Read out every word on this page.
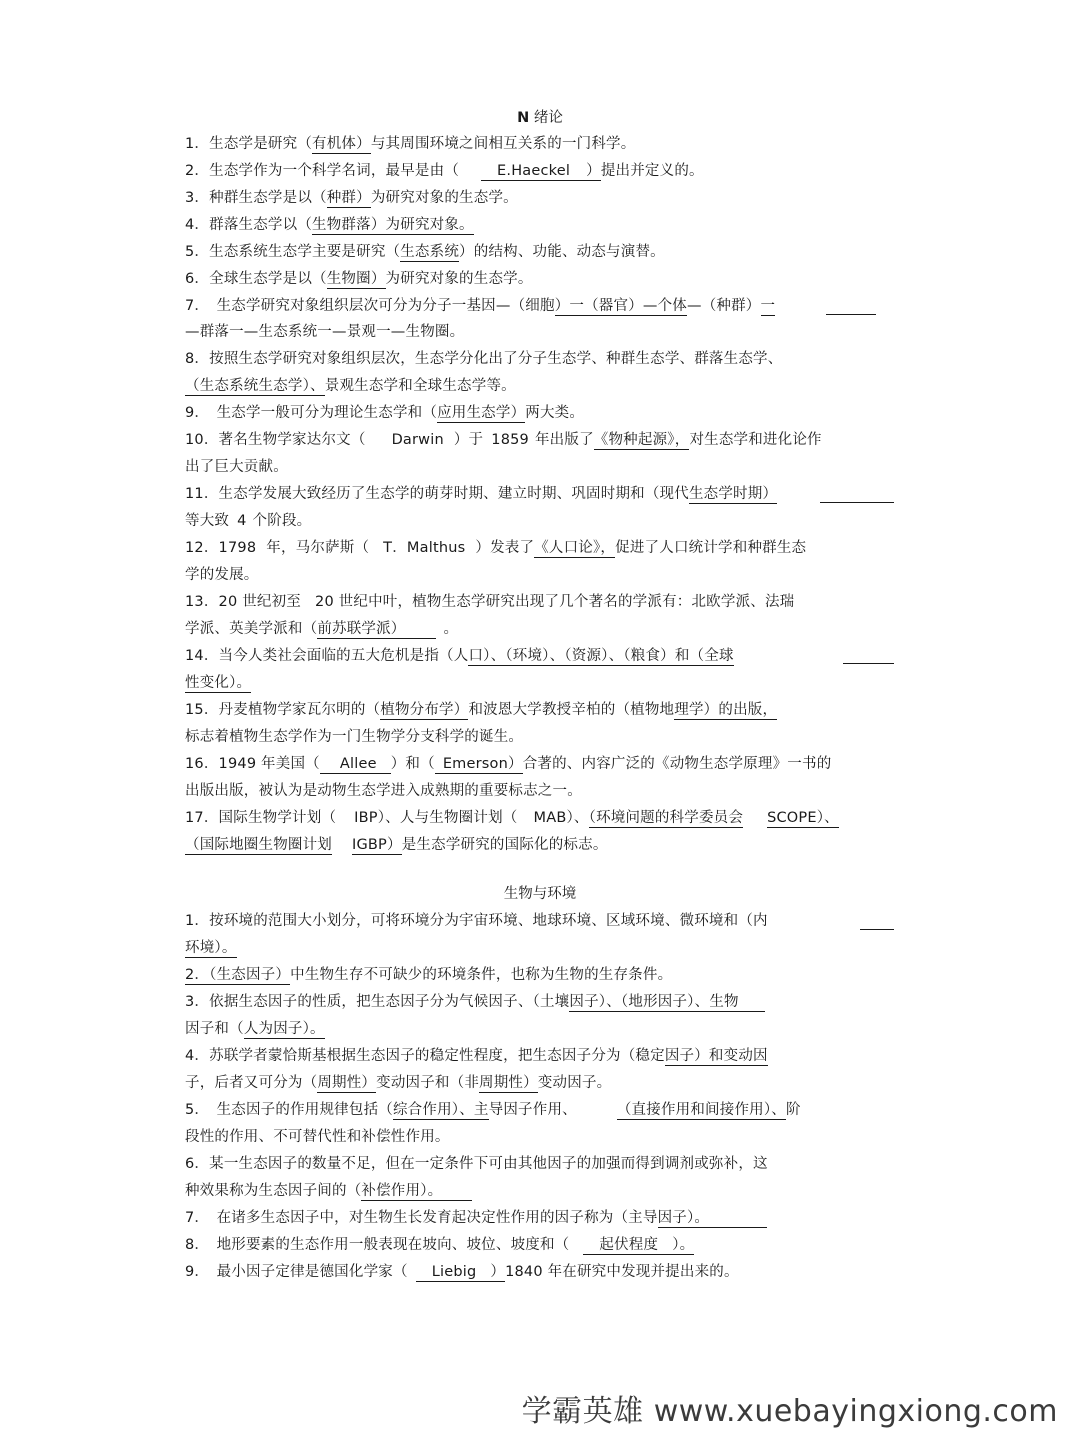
N 绪论
1．生态学是研究（有机体）与其周围环境之间相互关系的一门科学。
2．生态学作为一个科学名词，最早是由（	E.Haeckel ）提出并定义的。
3．种群生态学是以（种群）为研究对象的生态学。
4．群落生态学以（生物群落）为研究对象。
5．生态系统生态学主要是研究（生态系统）的结构、功能、动态与演替。
6．全球生态学是以（生物圈）为研究对象的生态学。
7．　生态学研究对象组织层次可分为分子一基因—（细胞）一（器官）—个体—（种群）一
—群落一—生态系统一—景观一—生物圈。
8．按照生态学研究对象组织层次，生态学分化出了分子生态学、种群生态学、群落生态学、
（生态系统生态学）、景观生态学和全球生态学等。
9．　生态学一般可分为理论生态学和（应用生态学）两大类。
10．著名生物学家达尔文（ Darwin ）于 1859 年出版了《物种起源》，对生态学和进化论作
出了巨大贡献。
11．生态学发展大致经历了生态学的萌芽时期、建立时期、巩固时期和（现代生态学时期）
等大致 4 个阶段。
12．1798 年，马尔萨斯（ T．Malthus ）发表了《人口论》，促进了人口统计学和种群生态
学的发展。
13．20 世纪初至 20 世纪中叶，植物生态学研究出现了几个著名的学派有：北欧学派、法瑞
学派、英美学派和（前苏联学派）	。
14．当今人类社会面临的五大危机是指（人口）、（环境）、（资源）、（粮食）和（全球
性变化）。
15．丹麦植物学家瓦尔明的（植物分布学）和波恩大学教授辛柏的（植物地理学）的出版，
标志着植物生态学作为一门生物学分支科学的诞生。
16．1949 年美国（ Allee ）和（ Emerson）合著的、内容广泛的《动物生态学原理》一书的
出版出版，被认为是动物生态学进入成熟期的重要标志之一。
17．国际生物学计划（ IBP）、人与生物圈计划（ MAB）、（环境问题的科学委员会 SCOPE）、
（国际地圈生物圈计划 IGBP）是生态学研究的国际化的标志。
生物与环境
1．按环境的范围大小划分，可将环境分为宇宙环境、地球环境、区域环境、微环境和（内
环境）。
2．（生态因子）中生物生存不可缺少的环境条件，也称为生物的生存条件。
3．依据生态因子的性质，把生态因子分为气候因子、（土壤因子）、（地形因子）、生物
因子和（人为因子）。
4．苏联学者蒙恰斯基根据生态因子的稳定性程度，把生态因子分为（稳定因子）和变动因
子，后者又可分为（周期性）变动因子和（非周期性）变动因子。
5．　生态因子的作用规律包括（综合作用）、主导因子作用、	（直接作用和间接作用）、阶
段性的作用、不可替代性和补偿性作用。
6．某一生态因子的数量不足，但在一定条件下可由其他因子的加强而得到调剂或弥补，这
种效果称为生态因子间的（补偿作用）。
7．　在诸多生态因子中，对生物生长发育起决定性作用的因子称为（主导因子）。
8．　地形要素的生态作用一般表现在坡向、坡位、坡度和（ 起伏程度 ）。
9．　最小因子定律是德国化学家（ Liebig ）1840 年在研究中发现并提出来的。
学霸英雄 www.xuebayingxiong.com
